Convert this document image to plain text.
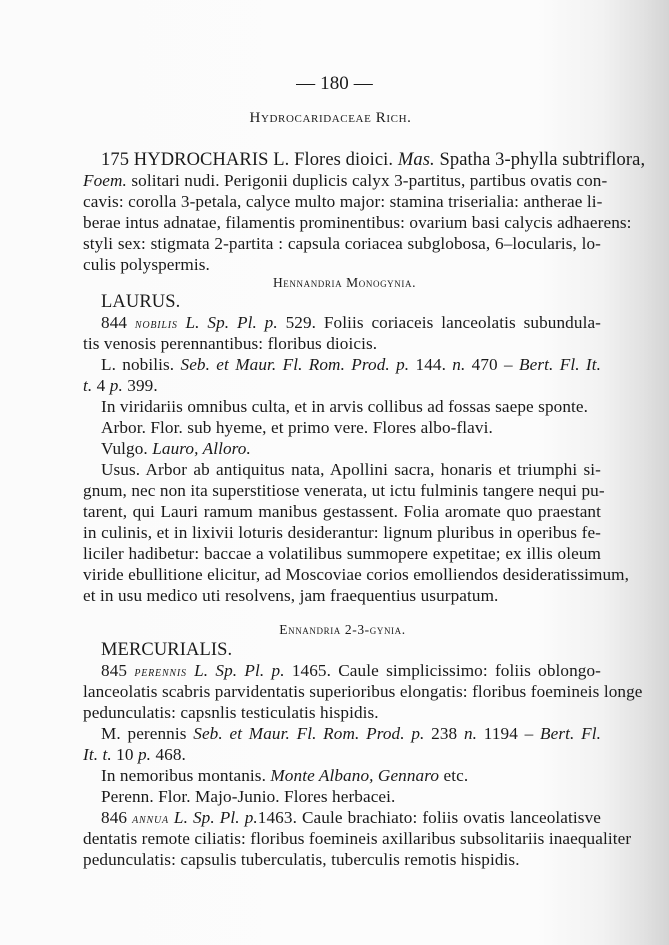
— 180 —
Hydrocaridaceae Rich.
175 HYDROCHARIS L. Flores dioici. Mas. Spatha 3-phylla subtriflora,
Foem. solitari nudi. Perigonii duplicis calyx 3-partitus, partibus ovatis con-
cavis: corolla 3-petala, calyce multo major: stamina triserialia: antherae li-
berae intus adnatae, filamentis prominentibus: ovarium basi calycis adhaerens:
styli sex: stigmata 2-partita : capsula coriacea subglobosa, 6–locularis, lo-
culis polyspermis.
Hennandria Monogynia.
LAURUS.
844 nobilis L. Sp. Pl. p. 529. Foliis coriaceis lanceolatis subundula-
tis venosis perennantibus: floribus dioicis.
L. nobilis. Seb. et Maur. Fl. Rom. Prod. p. 144. n. 470 – Bert. Fl. It.
t. 4 p. 399.
In viridariis omnibus culta, et in arvis collibus ad fossas saepe sponte.
Arbor. Flor. sub hyeme, et primo vere. Flores albo-flavi.
Vulgo. Lauro, Alloro.
Usus. Arbor ab antiquitus nata, Apollini sacra, honaris et triumphi si-
gnum, nec non ita superstitiose venerata, ut ictu fulminis tangere nequi pu-
tarent, qui Lauri ramum manibus gestassent. Folia aromate quo praestant
in culinis, et in lixivii loturis desiderantur: lignum pluribus in operibus fe-
liciler hadibetur: baccae a volatilibus summopere expetitae; ex illis oleum
viride ebullitione elicitur, ad Moscoviae corios emolliendos desideratissimum,
et in usu medico uti resolvens, jam fraequentius usurpatum.
Ennandria 2-3-gynia.
MERCURIALIS.
845 perennis L. Sp. Pl. p. 1465. Caule simplicissimo: foliis oblongo-
lanceolatis scabris parvidentatis superioribus elongatis: floribus foemineis longe
pedunculatis: capsnlis testiculatis hispidis.
M. perennis Seb. et Maur. Fl. Rom. Prod. p. 238 n. 1194 – Bert. Fl.
It. t. 10 p. 468.
In nemoribus montanis. Monte Albano, Gennaro etc.
Perenn. Flor. Majo-Junio. Flores herbacei.
846 annua L. Sp. Pl. p.1463. Caule brachiato: foliis ovatis lanceolatisve
dentatis remote ciliatis: floribus foemineis axillaribus subsolitariis inaequaliter
pedunculatis: capsulis tuberculatis, tuberculis remotis hispidis.
